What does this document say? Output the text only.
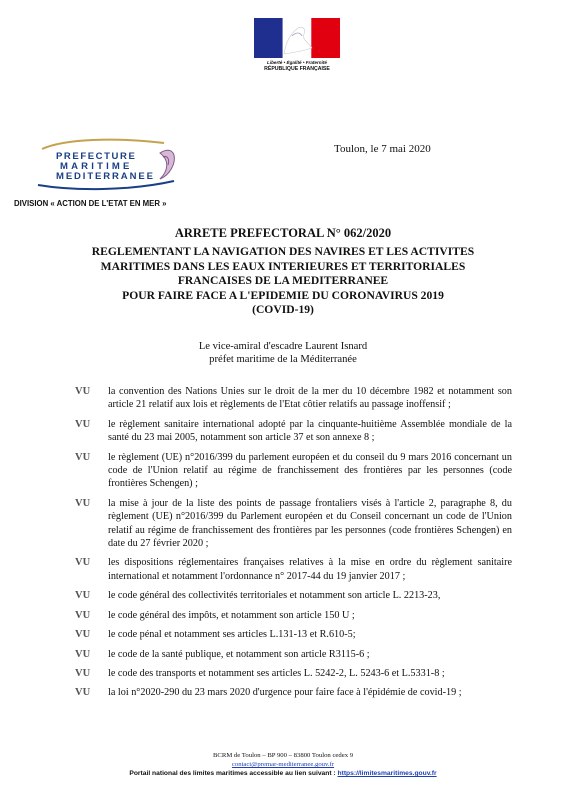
Liberté • Égalité • Fraternité
RÉPUBLIQUE FRANÇAISE
PREFECTURE
MARITIME
MEDITERRANEE
Toulon, le 7 mai 2020
DIVISION « ACTION DE L'ETAT EN MER »
ARRETE PREFECTORAL N° 062/2020
REGLEMENTANT LA NAVIGATION DES NAVIRES ET LES ACTIVITES
MARITIMES DANS LES EAUX INTERIEURES ET TERRITORIALES
FRANCAISES DE LA MEDITERRANEE
POUR FAIRE FACE A L'EPIDEMIE DU CORONAVIRUS 2019
(COVID-19)
Le vice-amiral d'escadre Laurent Isnard
préfet maritime de la Méditerranée

VU la convention des Nations Unies sur le droit de la mer du 10 décembre 1982 et notamment son article 21 relatif aux lois et règlements de l'Etat côtier relatifs au passage inoffensif ;

VU le règlement sanitaire international adopté par la cinquante-huitième Assemblée mondiale de la santé du 23 mai 2005, notamment son article 37 et son annexe 8 ;

VU le règlement (UE) n°2016/399 du parlement européen et du conseil du 9 mars 2016 concernant un code de l'Union relatif au régime de franchissement des frontières par les personnes (code frontières Schengen) ;

VU la mise à jour de la liste des points de passage frontaliers visés à l'article 2, paragraphe 8, du règlement (UE) n°2016/399 du Parlement européen et du Conseil concernant un code de l'Union relatif au régime de franchissement des frontières par les personnes (code frontières Schengen) en date du 27 février 2020 ;

VU les dispositions réglementaires françaises relatives à la mise en ordre du règlement sanitaire international et notamment l'ordonnance n° 2017-44 du 19 janvier 2017 ;

VU le code général des collectivités territoriales et notamment son article L. 2213-23,

VU le code général des impôts, et notamment son article 150 U ;

VU le code pénal et notamment ses articles L.131-13 et R.610-5;

VU le code de la santé publique, et notamment son article R3115-6 ;

VU le code des transports et notamment ses articles L. 5242-2, L. 5243-6 et L.5331-8 ;

VU la loi n°2020-290 du 23 mars 2020 d'urgence pour faire face à l'épidémie de covid-19 ;

BCRM de Toulon – BP 900 – 83800 Toulon cedex 9
contact@premar-mediterranee.gouv.fr
Portail national des limites maritimes accessible au lien suivant : https://limitesmaritimes.gouv.fr
